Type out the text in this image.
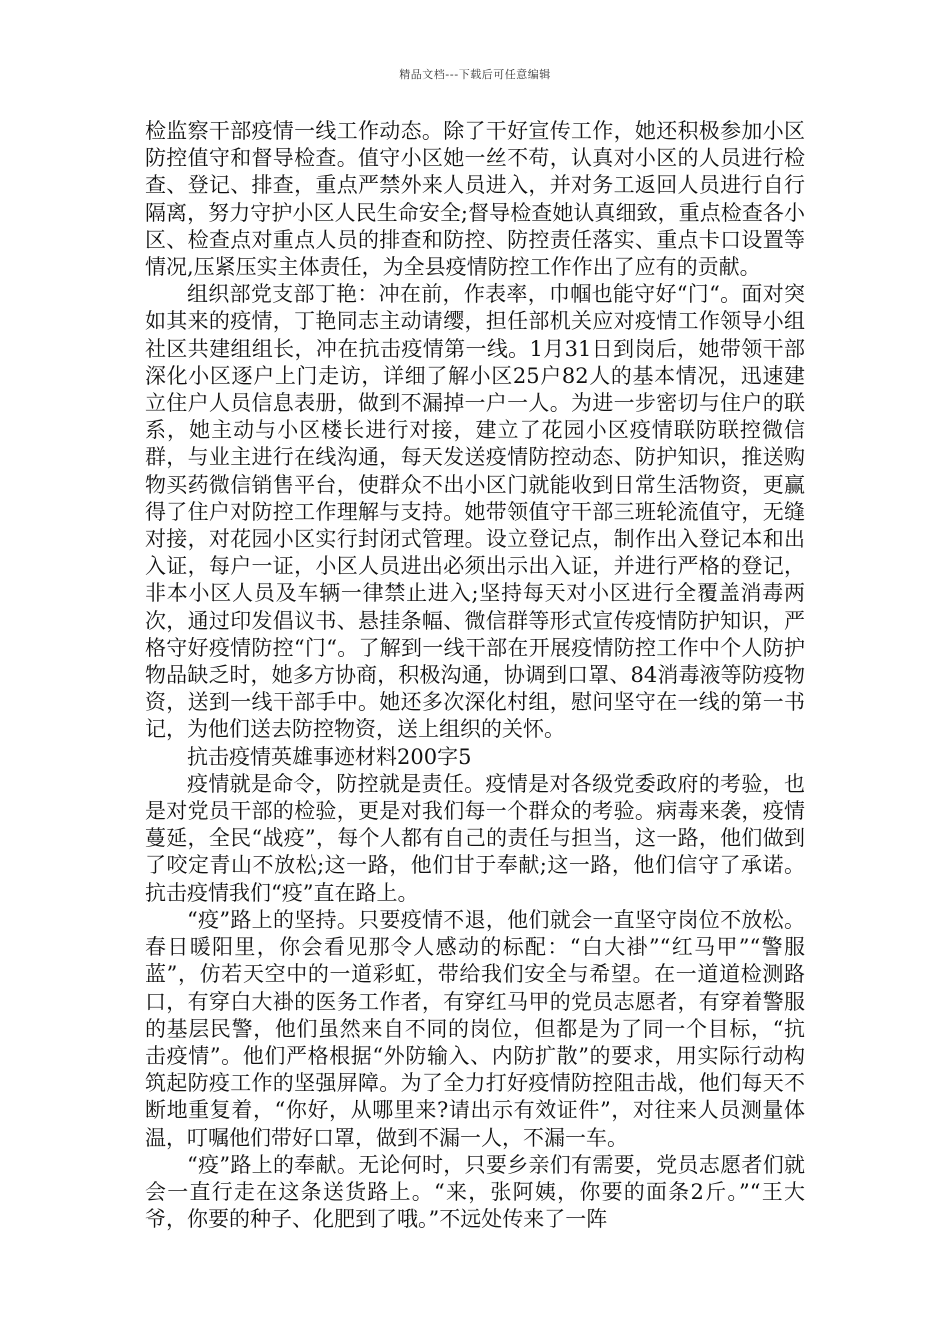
精品文档---下载后可任意编辑

检监察干部疫情一线工作动态。除了干好宣传工作，她还积极参加小区防控值守和督导检查。值守小区她一丝不苟，认真对小区的人员进行检查、登记、排查，重点严禁外来人员进入，并对务工返回人员进行自行隔离，努力守护小区人民生命安全;督导检查她认真细致，重点检查各小区、检查点对重点人员的排查和防控、防控责任落实、重点卡口设置等情况,压紧压实主体责任，为全县疫情防控工作作出了应有的贡献。

组织部党支部丁艳：冲在前，作表率，巾帼也能守好“门“。面对突如其来的疫情，丁艳同志主动请缨，担任部机关应对疫情工作领导小组社区共建组组长，冲在抗击疫情第一线。1月31日到岗后，她带领干部深化小区逐户上门走访，详细了解小区25户82人的基本情况，迅速建立住户人员信息表册，做到不漏掉一户一人。为进一步密切与住户的联系，她主动与小区楼长进行对接，建立了花园小区疫情联防联控微信群，与业主进行在线沟通，每天发送疫情防控动态、防护知识，推送购物买药微信销售平台，使群众不出小区门就能收到日常生活物资，更赢得了住户对防控工作理解与支持。她带领值守干部三班轮流值守，无缝对接，对花园小区实行封闭式管理。设立登记点，制作出入登记本和出入证，每户一证，小区人员进出必须出示出入证，并进行严格的登记，非本小区人员及车辆一律禁止进入;坚持每天对小区进行全覆盖消毒两次，通过印发倡议书、悬挂条幅、微信群等形式宣传疫情防护知识，严格守好疫情防控“门“。了解到一线干部在开展疫情防控工作中个人防护物品缺乏时，她多方协商，积极沟通，协调到口罩、84消毒液等防疫物资，送到一线干部手中。她还多次深化村组，慰问坚守在一线的第一书记，为他们送去防控物资，送上组织的关怀。

抗击疫情英雄事迹材料200字5

疫情就是命令，防控就是责任。疫情是对各级党委政府的考验，也是对党员干部的检验，更是对我们每一个群众的考验。病毒来袭，疫情蔓延，全民“战疫”，每个人都有自己的责任与担当，这一路，他们做到了咬定青山不放松;这一路，他们甘于奉献;这一路，他们信守了承诺。抗击疫情我们“疫”直在路上。

“疫”路上的坚持。只要疫情不退，他们就会一直坚守岗位不放松。春日暖阳里，你会看见那令人感动的标配：“白大褂”“红马甲”“警服蓝”，仿若天空中的一道彩虹，带给我们安全与希望。在一道道检测路口，有穿白大褂的医务工作者，有穿红马甲的党员志愿者，有穿着警服的基层民警，他们虽然来自不同的岗位，但都是为了同一个目标，“抗击疫情”。他们严格根据“外防输入、内防扩散”的要求，用实际行动构筑起防疫工作的坚强屏障。为了全力打好疫情防控阻击战，他们每天不断地重复着，“你好，从哪里来?请出示有效证件”，对往来人员测量体温，叮嘱他们带好口罩，做到不漏一人，不漏一车。

“疫”路上的奉献。无论何时，只要乡亲们有需要，党员志愿者们就会一直行走在这条送货路上。“来，张阿姨，你要的面条2斤。”“王大爷，你要的种子、化肥到了哦。”不远处传来了一阵
